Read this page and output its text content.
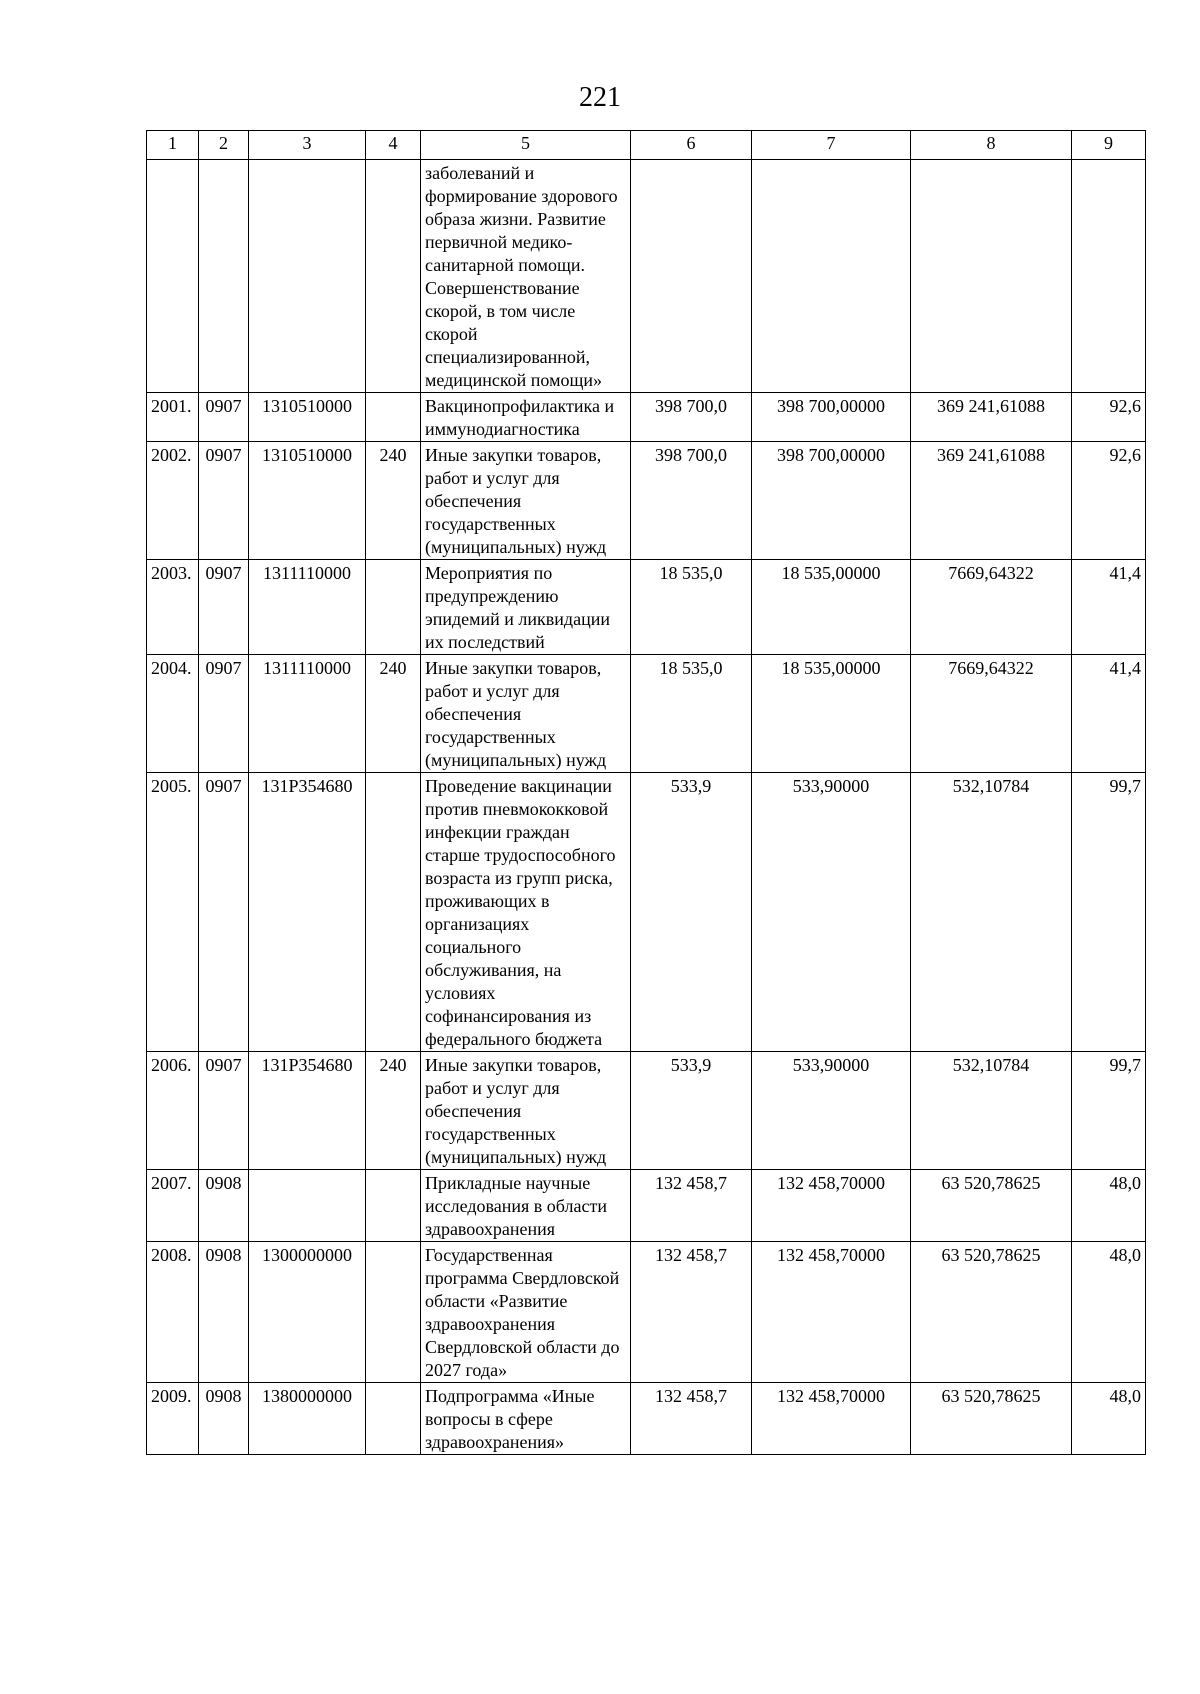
221
1	2	3	4	5	6	7	8	9
				заболеваний и формирование здорового образа жизни. Развитие первичной медико-санитарной помощи. Совершенствование скорой, в том числе скорой специализированной, медицинской помощи»				
2001.	0907	1310510000		Вакцинопрофилактика и иммунодиагностика	398 700,0	398 700,00000	369 241,61088	92,6
2002.	0907	1310510000	240	Иные закупки товаров, работ и услуг для обеспечения государственных (муниципальных) нужд	398 700,0	398 700,00000	369 241,61088	92,6
2003.	0907	1311110000		Мероприятия по предупреждению эпидемий и ликвидации их последствий	18 535,0	18 535,00000	7669,64322	41,4
2004.	0907	1311110000	240	Иные закупки товаров, работ и услуг для обеспечения государственных (муниципальных) нужд	18 535,0	18 535,00000	7669,64322	41,4
2005.	0907	131Р354680		Проведение вакцинации против пневмококковой инфекции граждан старше трудоспособного возраста из групп риска, проживающих в организациях социального обслуживания, на условиях софинансирования из федерального бюджета	533,9	533,90000	532,10784	99,7
2006.	0907	131Р354680	240	Иные закупки товаров, работ и услуг для обеспечения государственных (муниципальных) нужд	533,9	533,90000	532,10784	99,7
2007.	0908			Прикладные научные исследования в области здравоохранения	132 458,7	132 458,70000	63 520,78625	48,0
2008.	0908	1300000000		Государственная программа Свердловской области «Развитие здравоохранения Свердловской области до 2027 года»	132 458,7	132 458,70000	63 520,78625	48,0
2009.	0908	1380000000		Подпрограмма «Иные вопросы в сфере здравоохранения»	132 458,7	132 458,70000	63 520,78625	48,0
